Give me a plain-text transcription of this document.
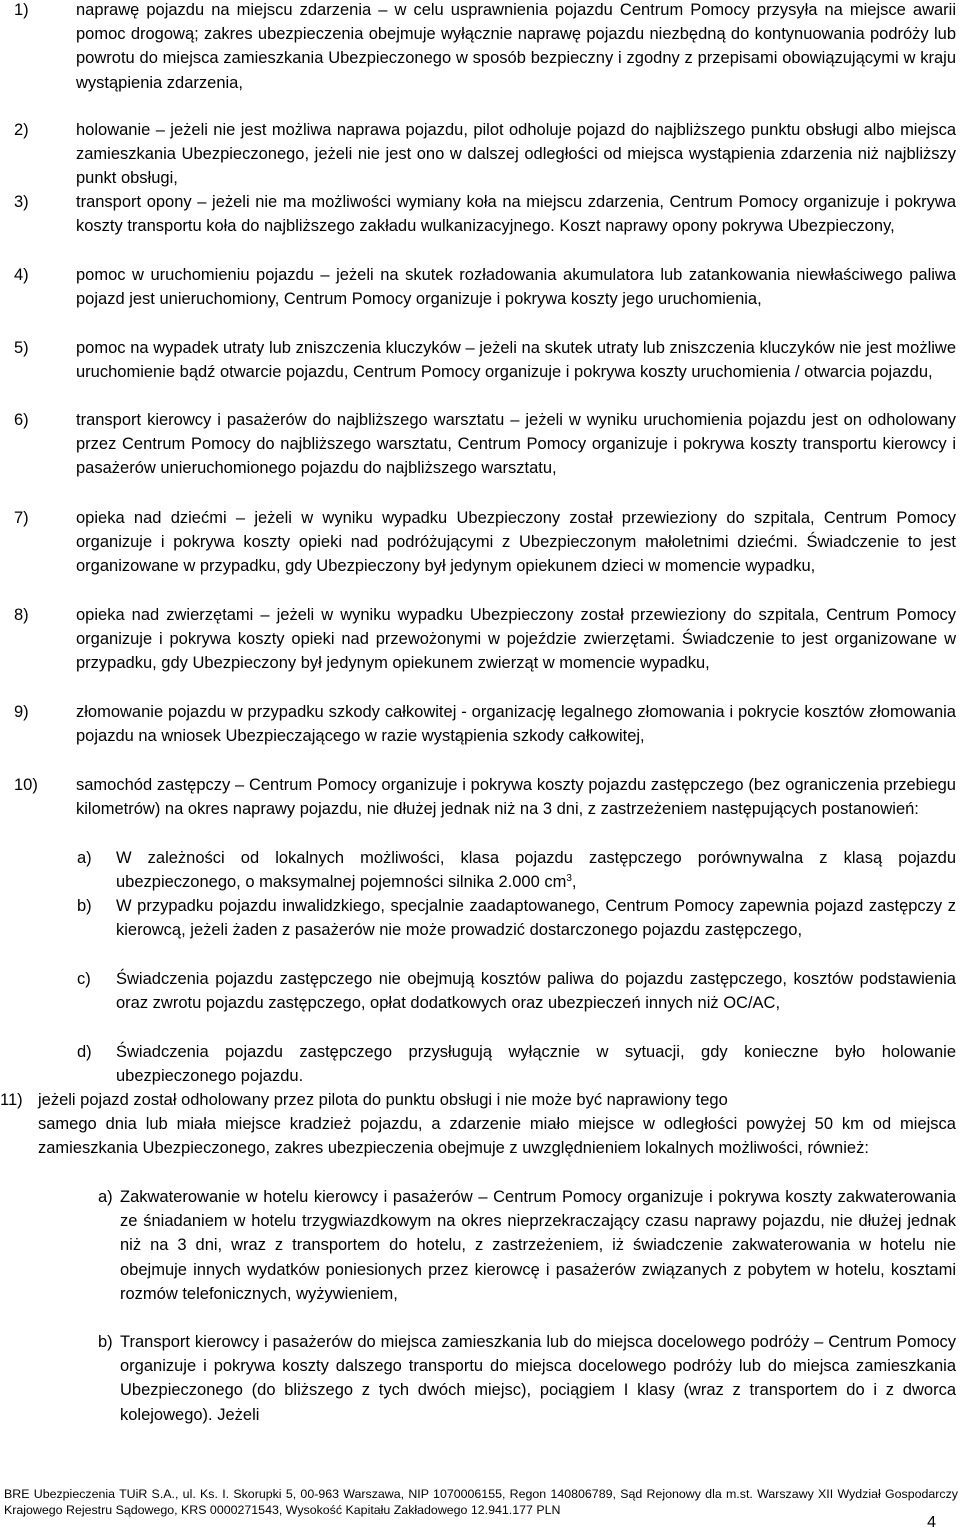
1)	naprawę pojazdu na miejscu zdarzenia – w celu usprawnienia pojazdu Centrum Pomocy przysyła na miejsce awarii pomoc drogową; zakres ubezpieczenia obejmuje wyłącznie naprawę pojazdu niezbędną do kontynuowania podróży lub powrotu do miejsca zamieszkania Ubezpieczonego w sposób bezpieczny i zgodny z przepisami obowiązującymi w kraju wystąpienia zdarzenia,
2)	holowanie – jeżeli nie jest możliwa naprawa pojazdu, pilot odholuje pojazd do najbliższego punktu obsługi albo miejsca zamieszkania Ubezpieczonego, jeżeli nie jest ono w dalszej odległości od miejsca wystąpienia zdarzenia niż najbliższy punkt obsługi,
3)	transport opony – jeżeli nie ma możliwości wymiany koła na miejscu zdarzenia, Centrum Pomocy organizuje i pokrywa koszty transportu koła do najbliższego zakładu wulkanizacyjnego. Koszt naprawy opony pokrywa Ubezpieczony,
4)	pomoc w uruchomieniu pojazdu – jeżeli na skutek rozładowania akumulatora lub zatankowania niewłaściwego paliwa pojazd jest unieruchomiony, Centrum Pomocy organizuje i pokrywa koszty jego uruchomienia,
5)	pomoc na wypadek utraty lub zniszczenia kluczyków – jeżeli na skutek utraty lub zniszczenia kluczyków nie jest możliwe uruchomienie bądź otwarcie pojazdu, Centrum Pomocy organizuje i pokrywa koszty uruchomienia / otwarcia pojazdu,
6)	transport kierowcy i pasażerów do najbliższego warsztatu – jeżeli w wyniku uruchomienia pojazdu jest on odholowany przez Centrum Pomocy do najbliższego warsztatu, Centrum Pomocy organizuje i pokrywa koszty transportu kierowcy i pasażerów unieruchomionego pojazdu do najbliższego warsztatu,
7)	opieka nad dziećmi – jeżeli w wyniku wypadku Ubezpieczony został przewieziony do szpitala, Centrum Pomocy organizuje i pokrywa koszty opieki nad podróżującymi z Ubezpieczonym małoletnimi dziećmi. Świadczenie to jest organizowane w przypadku, gdy Ubezpieczony był jedynym opiekunem dzieci w momencie wypadku,
8)	opieka nad zwierzętami – jeżeli w wyniku wypadku Ubezpieczony został przewieziony do szpitala, Centrum Pomocy organizuje i pokrywa koszty opieki nad przewożonymi w pojeździe zwierzętami. Świadczenie to jest organizowane w przypadku, gdy Ubezpieczony był jedynym opiekunem zwierząt w momencie wypadku,
9)	złomowanie pojazdu w przypadku szkody całkowitej - organizację legalnego złomowania i pokrycie kosztów złomowania pojazdu na wniosek Ubezpieczającego w razie wystąpienia szkody całkowitej,
10) samochód zastępczy – Centrum Pomocy organizuje i pokrywa koszty pojazdu zastępczego (bez ograniczenia przebiegu kilometrów) na okres naprawy pojazdu, nie dłużej jednak niż na 3 dni, z zastrzeżeniem następujących postanowień:
a) W zależności od lokalnych możliwości, klasa pojazdu zastępczego porównywalna z klasą pojazdu ubezpieczonego, o maksymalnej pojemności silnika 2.000 $cm^3$,
b) W przypadku pojazdu inwalidzkiego, specjalnie zaadaptowanego, Centrum Pomocy zapewnia pojazd zastępczy z kierowcą, jeżeli żaden z pasażerów nie może prowadzić dostarczonego pojazdu zastępczego,
c) Świadczenia pojazdu zastępczego nie obejmują kosztów paliwa do pojazdu zastępczego, kosztów podstawienia oraz zwrotu pojazdu zastępczego, opłat dodatkowych oraz ubezpieczeń innych niż OC/AC,
d) Świadczenia pojazdu zastępczego przysługują wyłącznie w sytuacji, gdy konieczne było holowanie ubezpieczonego pojazdu.
11) jeżeli pojazd został odholowany przez pilota do punktu obsługi i nie może być naprawiony tego
samego dnia lub miała miejsce kradzież pojazdu, a zdarzenie miało miejsce w odległości powyżej 50 km od miejsca zamieszkania Ubezpieczonego, zakres ubezpieczenia obejmuje z uwzględnieniem lokalnych możliwości, również:
a) Zakwaterowanie w hotelu kierowcy i pasażerów – Centrum Pomocy organizuje i pokrywa koszty zakwaterowania ze śniadaniem w hotelu trzygwiazdkowym na okres nieprzekraczający czasu naprawy pojazdu, nie dłużej jednak niż na 3 dni, wraz z transportem do hotelu, z zastrzeżeniem, iż świadczenie zakwaterowania w hotelu nie obejmuje innych wydatków poniesionych przez kierowcę i pasażerów związanych z pobytem w hotelu, kosztami rozmów telefonicznych, wyżywieniem,
b) Transport kierowcy i pasażerów do miejsca zamieszkania lub do miejsca docelowego podróży – Centrum Pomocy organizuje i pokrywa koszty dalszego transportu do miejsca docelowego podróży lub do miejsca zamieszkania Ubezpieczonego (do bliższego z tych dwóch miejsc), pociągiem I klasy (wraz z transportem do i z dworca kolejowego). Jeżeli
BRE Ubezpieczenia TUiR S.A., ul. Ks. I. Skorupki 5, 00-963 Warszawa, NIP 1070006155, Regon 140806789, Sąd Rejonowy dla m.st. Warszawy XII Wydział Gospodarczy Krajowego Rejestru Sądowego, KRS 0000271543, Wysokość Kapitału Zakładowego 12.941.177 PLN
4
